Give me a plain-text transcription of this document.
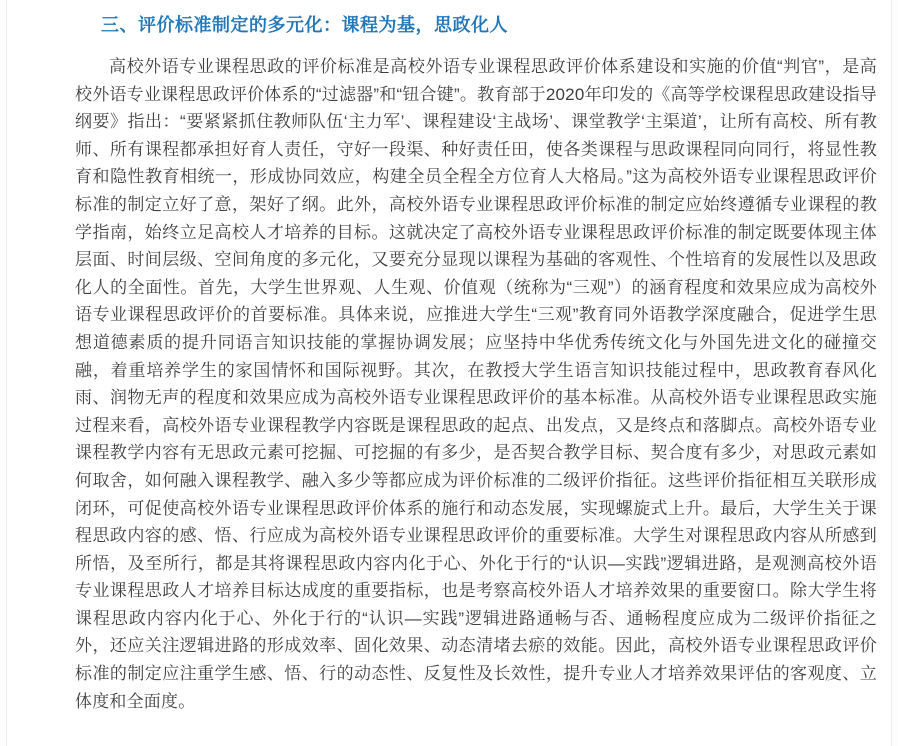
三、评价标准制定的多元化：课程为基，思政化人

高校外语专业课程思政的评价标准是高校外语专业课程思政评价体系建设和实施的价值“判官”，是高校外语专业课程思政评价体系的“过滤器”和“钮合键”。教育部于2020年印发的《高等学校课程思政建设指导纲要》指出：“要紧紧抓住教师队伍‘主力军’、课程建设‘主战场’、课堂教学‘主渠道’，让所有高校、所有教师、所有课程都承担好育人责任，守好一段渠、种好责任田，使各类课程与思政课程同向同行，将显性教育和隐性教育相统一，形成协同效应，构建全员全程全方位育人大格局。”这为高校外语专业课程思政评价标准的制定立好了意，架好了纲。此外，高校外语专业课程思政评价标准的制定应始终遵循专业课程的教学指南，始终立足高校人才培养的目标。这就决定了高校外语专业课程思政评价标准的制定既要体现主体层面、时间层级、空间角度的多元化，又要充分显现以课程为基础的客观性、个性培育的发展性以及思政化人的全面性。首先，大学生世界观、人生观、价值观（统称为“三观”）的涵育程度和效果应成为高校外语专业课程思政评价的首要标准。具体来说，应推进大学生“三观”教育同外语教学深度融合，促进学生思想道德素质的提升同语言知识技能的掌握协调发展；应坚持中华优秀传统文化与外国先进文化的碰撞交融，着重培养学生的家国情怀和国际视野。其次，在教授大学生语言知识技能过程中，思政教育春风化雨、润物无声的程度和效果应成为高校外语专业课程思政评价的基本标准。从高校外语专业课程思政实施过程来看，高校外语专业课程教学内容既是课程思政的起点、出发点，又是终点和落脚点。高校外语专业课程教学内容有无思政元素可挖掘、可挖掘的有多少，是否契合教学目标、契合度有多少，对思政元素如何取舍，如何融入课程教学、融入多少等都应成为评价标准的二级评价指征。这些评价指征相互关联形成闭环，可促使高校外语专业课程思政评价体系的施行和动态发展，实现螺旋式上升。最后，大学生关于课程思政内容的感、悟、行应成为高校外语专业课程思政评价的重要标准。大学生对课程思政内容从所感到所悟，及至所行，都是其将课程思政内容内化于心、外化于行的“认识—实践”逻辑进路，是观测高校外语专业课程思政人才培养目标达成度的重要指标，也是考察高校外语人才培养效果的重要窗口。除大学生将课程思政内容内化于心、外化于行的“认识—实践”逻辑进路通畅与否、通畅程度应成为二级评价指征之外，还应关注逻辑进路的形成效率、固化效果、动态清堵去瘀的效能。因此，高校外语专业课程思政评价标准的制定应注重学生感、悟、行的动态性、反复性及长效性，提升专业人才培养效果评估的客观度、立体度和全面度。
